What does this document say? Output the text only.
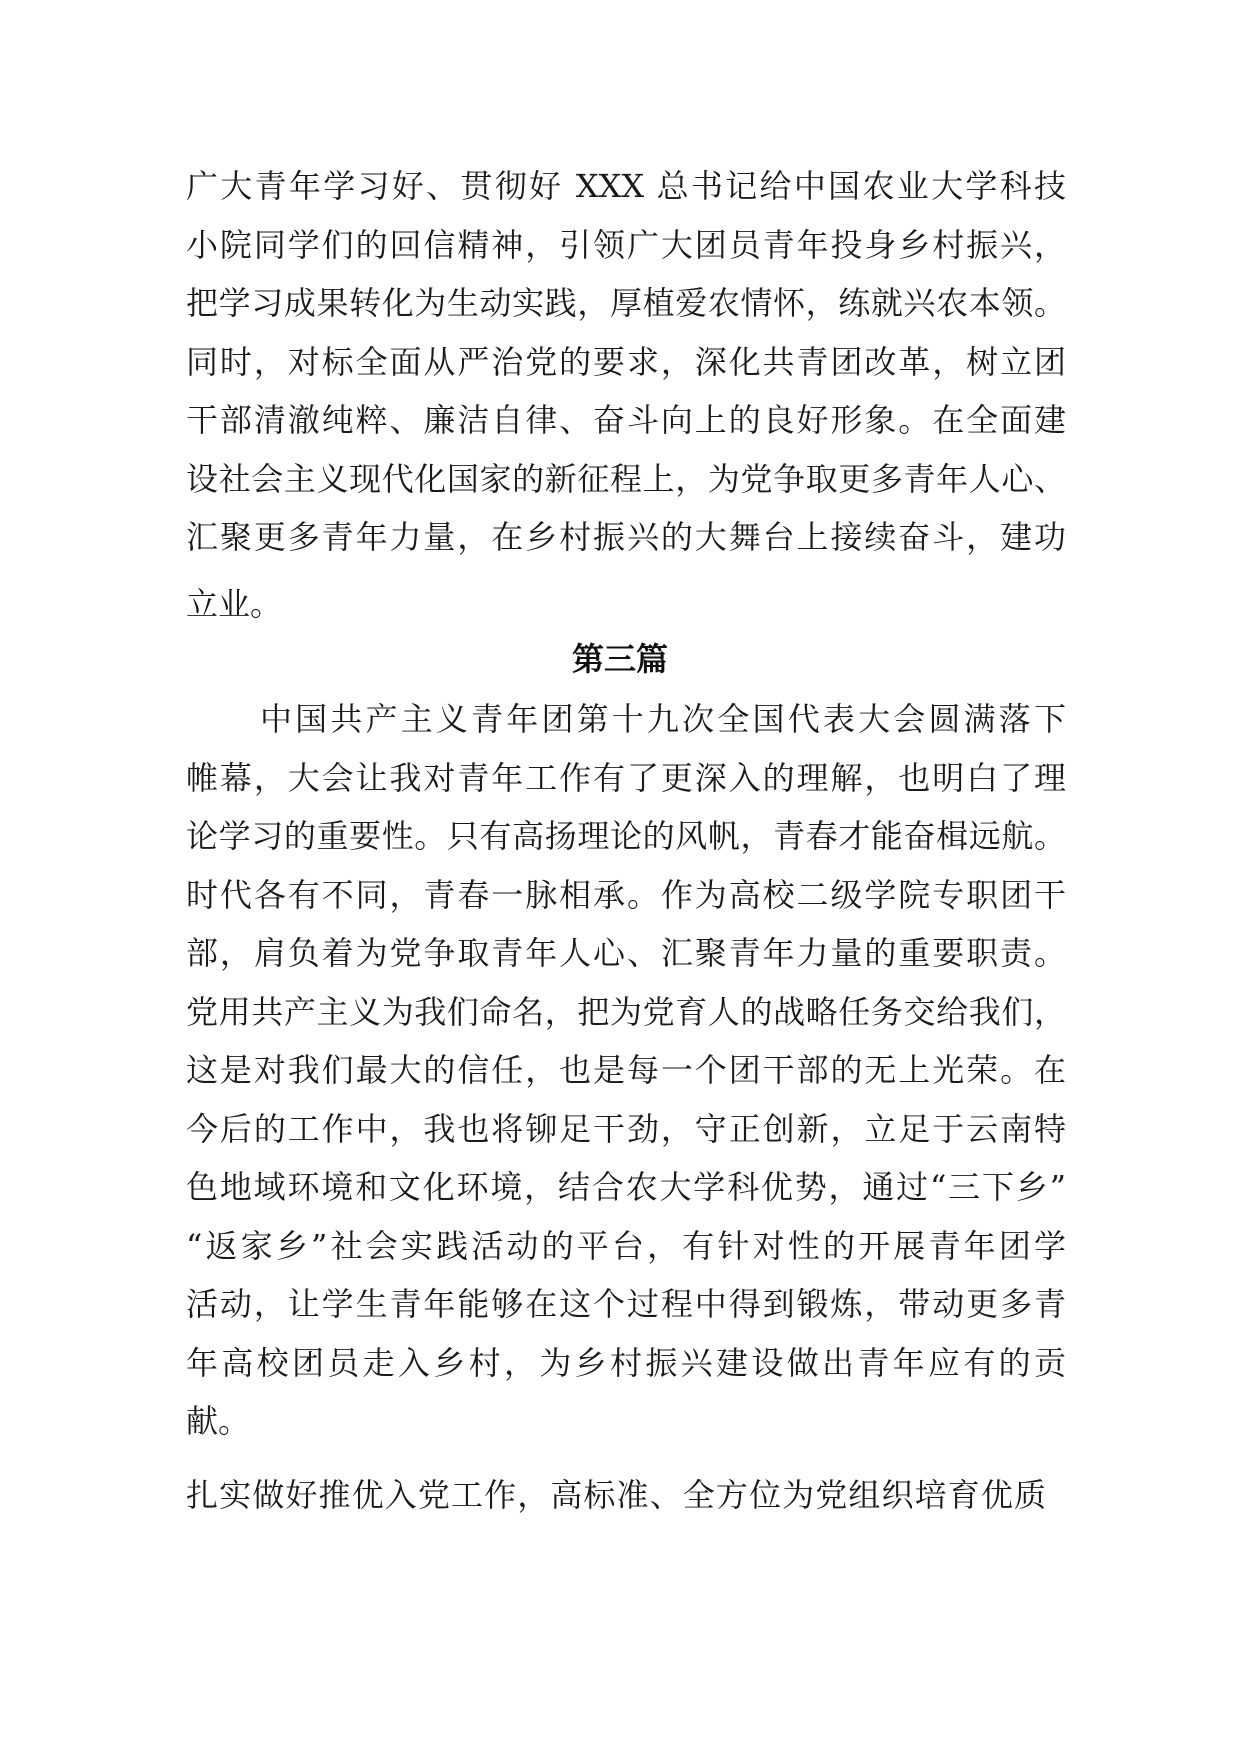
广大青年学习好、贯彻好 XXX 总书记给中国农业大学科技
小院同学们的回信精神，引领广大团员青年投身乡村振兴，
把学习成果转化为生动实践，厚植爱农情怀，练就兴农本领。
同时，对标全面从严治党的要求，深化共青团改革，树立团
干部清澈纯粹、廉洁自律、奋斗向上的良好形象。在全面建
设社会主义现代化国家的新征程上，为党争取更多青年人心、
汇聚更多青年力量，在乡村振兴的大舞台上接续奋斗，建功
立业。
第三篇
中国共产主义青年团第十九次全国代表大会圆满落下
帷幕，大会让我对青年工作有了更深入的理解，也明白了理
论学习的重要性。只有高扬理论的风帆，青春才能奋楫远航。
时代各有不同，青春一脉相承。作为高校二级学院专职团干
部，肩负着为党争取青年人心、汇聚青年力量的重要职责。
党用共产主义为我们命名，把为党育人的战略任务交给我们，
这是对我们最大的信任，也是每一个团干部的无上光荣。在
今后的工作中，我也将铆足干劲，守正创新，立足于云南特
色地域环境和文化环境，结合农大学科优势，通过“三下乡”
“返家乡”社会实践活动的平台，有针对性的开展青年团学
活动，让学生青年能够在这个过程中得到锻炼，带动更多青
年高校团员走入乡村，为乡村振兴建设做出青年应有的贡
献。
扎实做好推优入党工作，高标准、全方位为党组织培育优质
